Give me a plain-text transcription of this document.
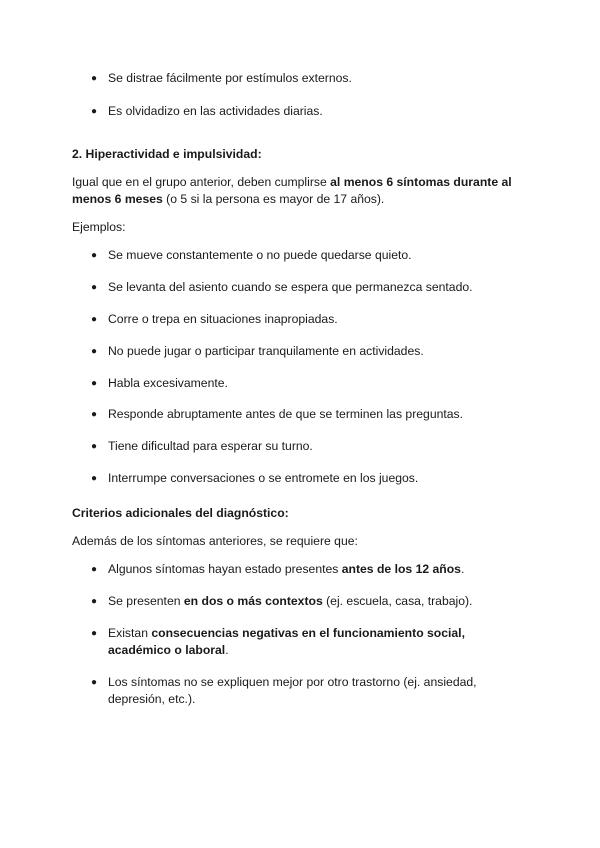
● Se distrae fácilmente por estímulos externos.
● Es olvidadizo en las actividades diarias.
2. Hiperactividad e impulsividad:
Igual que en el grupo anterior, deben cumplirse al menos 6 síntomas durante al menos 6 meses (o 5 si la persona es mayor de 17 años).
Ejemplos:
● Se mueve constantemente o no puede quedarse quieto.
● Se levanta del asiento cuando se espera que permanezca sentado.
● Corre o trepa en situaciones inapropiadas.
● No puede jugar o participar tranquilamente en actividades.
● Habla excesivamente.
● Responde abruptamente antes de que se terminen las preguntas.
● Tiene dificultad para esperar su turno.
● Interrumpe conversaciones o se entromete en los juegos.
Criterios adicionales del diagnóstico:
Además de los síntomas anteriores, se requiere que:
● Algunos síntomas hayan estado presentes antes de los 12 años.
● Se presenten en dos o más contextos (ej. escuela, casa, trabajo).
● Existan consecuencias negativas en el funcionamiento social, académico o laboral.
● Los síntomas no se expliquen mejor por otro trastorno (ej. ansiedad, depresión, etc.).
